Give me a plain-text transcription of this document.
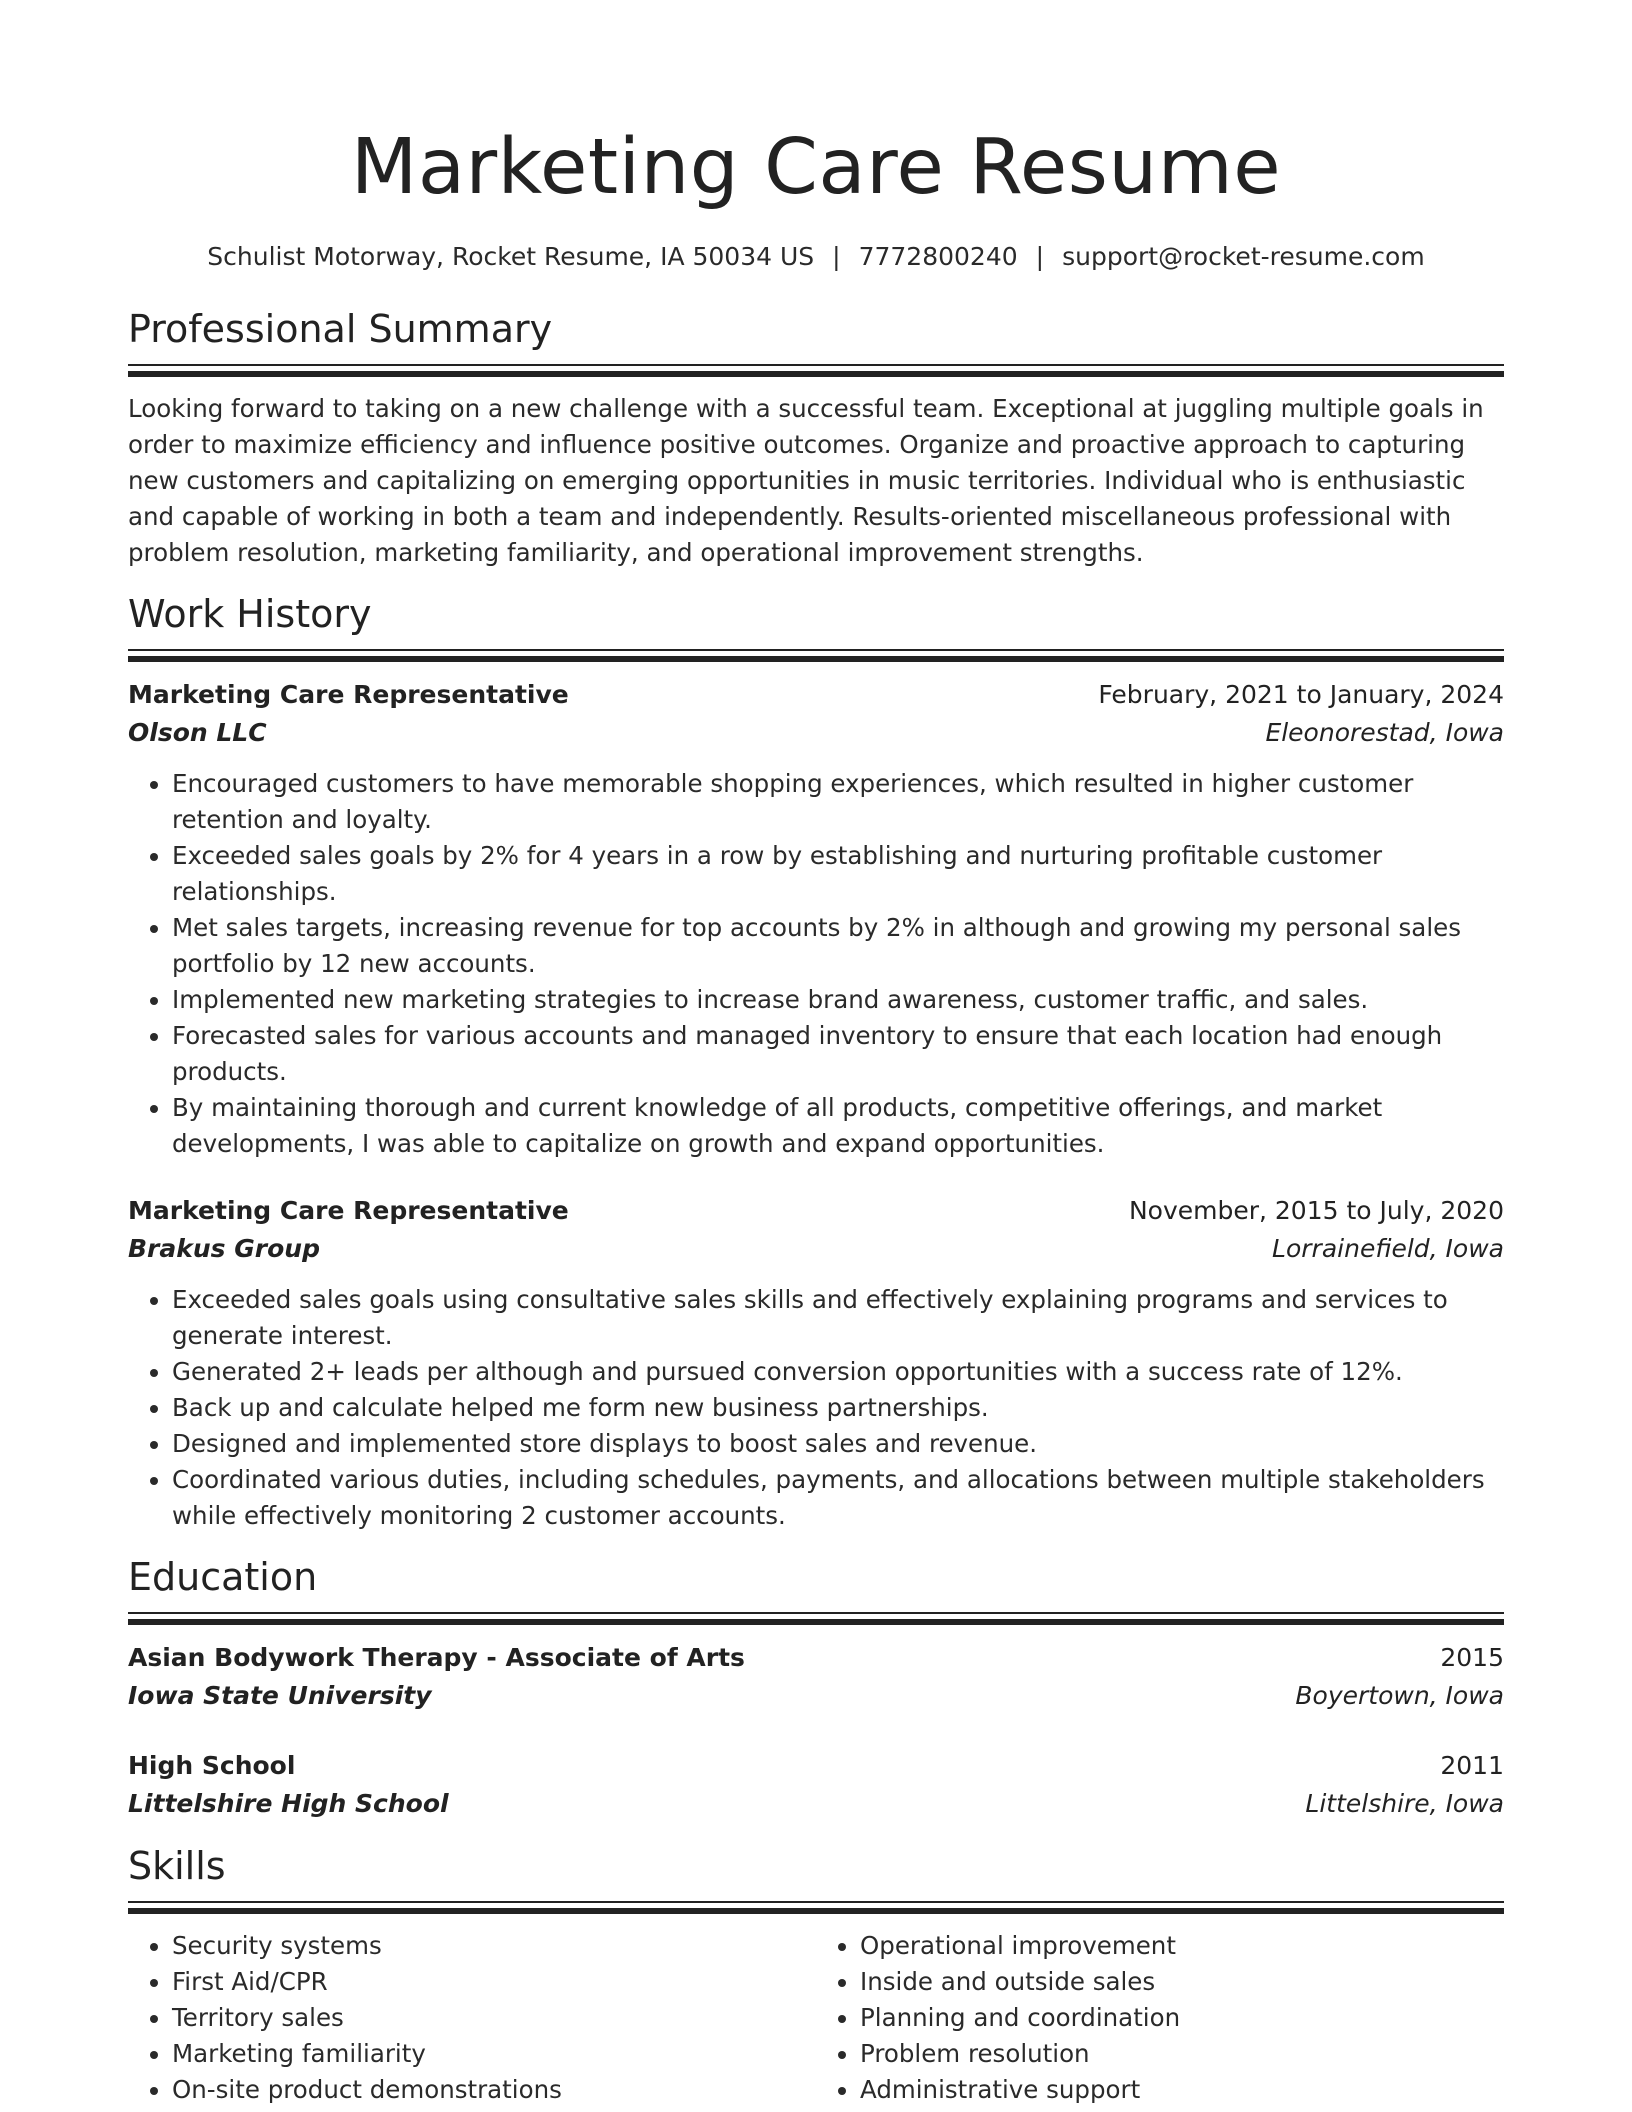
Marketing Care Resume
Schulist Motorway, Rocket Resume, IA 50034 US | 7772800240 | support@rocket-resume.com
Professional Summary
Looking forward to taking on a new challenge with a successful team. Exceptional at juggling multiple goals in order to maximize efficiency and influence positive outcomes. Organize and proactive approach to capturing new customers and capitalizing on emerging opportunities in music territories. Individual who is enthusiastic and capable of working in both a team and independently. Results-oriented miscellaneous professional with problem resolution, marketing familiarity, and operational improvement strengths.
Work History
Marketing Care Representative	February, 2021 to January, 2024
Olson LLC	Eleonorestad, Iowa
• Encouraged customers to have memorable shopping experiences, which resulted in higher customer retention and loyalty.
• Exceeded sales goals by 2% for 4 years in a row by establishing and nurturing profitable customer relationships.
• Met sales targets, increasing revenue for top accounts by 2% in although and growing my personal sales portfolio by 12 new accounts.
• Implemented new marketing strategies to increase brand awareness, customer traffic, and sales.
• Forecasted sales for various accounts and managed inventory to ensure that each location had enough products.
• By maintaining thorough and current knowledge of all products, competitive offerings, and market developments, I was able to capitalize on growth and expand opportunities.
Marketing Care Representative	November, 2015 to July, 2020
Brakus Group	Lorrainefield, Iowa
• Exceeded sales goals using consultative sales skills and effectively explaining programs and services to generate interest.
• Generated 2+ leads per although and pursued conversion opportunities with a success rate of 12%.
• Back up and calculate helped me form new business partnerships.
• Designed and implemented store displays to boost sales and revenue.
• Coordinated various duties, including schedules, payments, and allocations between multiple stakeholders while effectively monitoring 2 customer accounts.
Education
Asian Bodywork Therapy - Associate of Arts	2015
Iowa State University	Boyertown, Iowa
High School	2011
Littelshire High School	Littelshire, Iowa
Skills
• Security systems
• First Aid/CPR
• Territory sales
• Marketing familiarity
• On-site product demonstrations
• Operational improvement
• Inside and outside sales
• Planning and coordination
• Problem resolution
• Administrative support
